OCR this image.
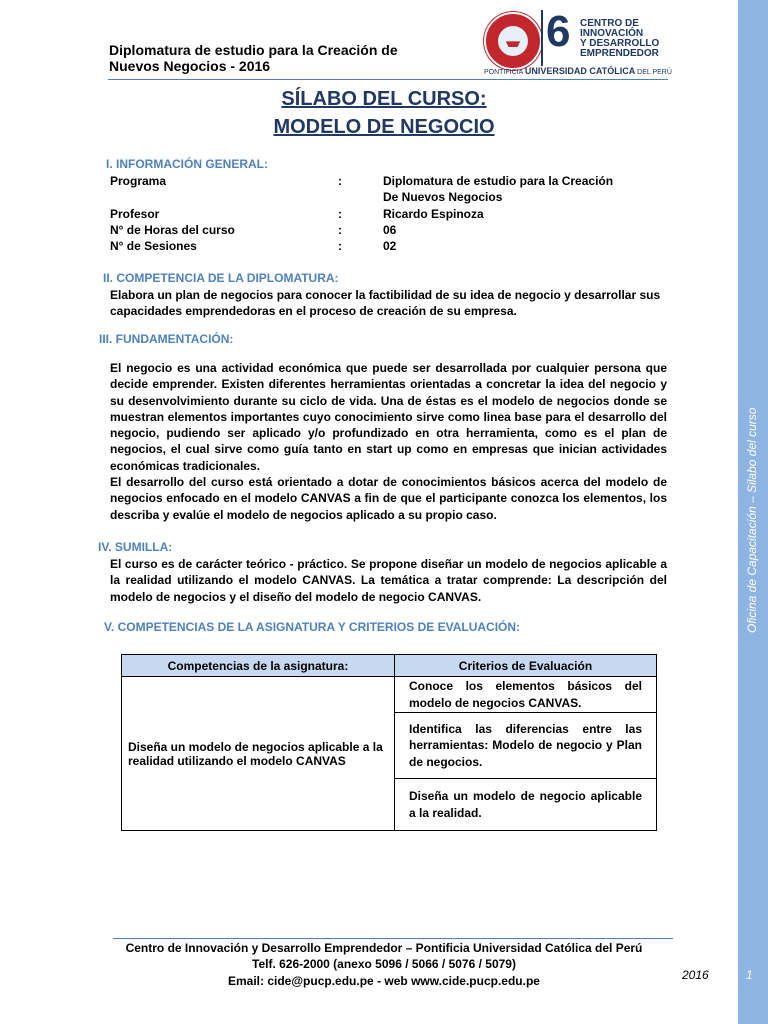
Oficina de Capacitación – Silabo del curso
2016	1
Diplomatura de estudio para la Creación de
Nuevos Negocios - 2016
6 CENTRO DE
INNOVACIÓN
Y DESARROLLO
EMPRENDEDOR
PONTIFICIA UNIVERSIDAD CATÓLICA DEL PERÚ
SÍLABO DEL CURSO:
MODELO DE NEGOCIO
I. INFORMACIÓN GENERAL:
Programa	:	Diplomatura de estudio para la Creación
De Nuevos Negocios
Profesor	:	Ricardo Espinoza
N° de Horas del curso	:	06
N° de Sesiones	:	02
II. COMPETENCIA DE LA DIPLOMATURA:
Elabora un plan de negocios para conocer la factibilidad de su idea de negocio y desarrollar sus
capacidades emprendedoras en el proceso de creación de su empresa.
III. FUNDAMENTACIÓN:
El negocio es una actividad económica que puede ser desarrollada por cualquier persona que decide emprender. Existen diferentes herramientas orientadas a concretar la idea del negocio y su desenvolvimiento durante su ciclo de vida. Una de éstas es el modelo de negocios donde se muestran elementos importantes cuyo conocimiento sirve como linea base para el desarrollo del negocio, pudiendo ser aplicado y/o profundizado en otra herramienta, como es el plan de negocios, el cual sirve como guía tanto en start up como en empresas que inician actividades económicas tradicionales.
El desarrollo del curso está orientado a dotar de conocimientos básicos acerca del modelo de negocios enfocado en el modelo CANVAS a fin de que el participante conozca los elementos, los describa y evalúe el modelo de negocios aplicado a su propio caso.
IV. SUMILLA:
El curso es de carácter teórico - práctico. Se propone diseñar un modelo de negocios aplicable a la realidad utilizando el modelo CANVAS. La temática a tratar comprende: La descripción del modelo de negocios y el diseño del modelo de negocio CANVAS.
V. COMPETENCIAS DE LA ASIGNATURA Y CRITERIOS DE EVALUACIÓN:
Competencias de la asignatura:	Criterios de Evaluación
Diseña un modelo de negocios aplicable a la realidad utilizando el modelo CANVAS	Conoce los elementos básicos del modelo de negocios CANVAS.
	Identifica las diferencias entre las herramientas: Modelo de negocio y Plan de negocios.
	Diseña un modelo de negocio aplicable a la realidad.
Centro de Innovación y Desarrollo Emprendedor – Pontificia Universidad Católica del Perú
Telf. 626-2000 (anexo 5096 / 5066 / 5076 / 5079)
Email: cide@pucp.edu.pe - web www.cide.pucp.edu.pe
